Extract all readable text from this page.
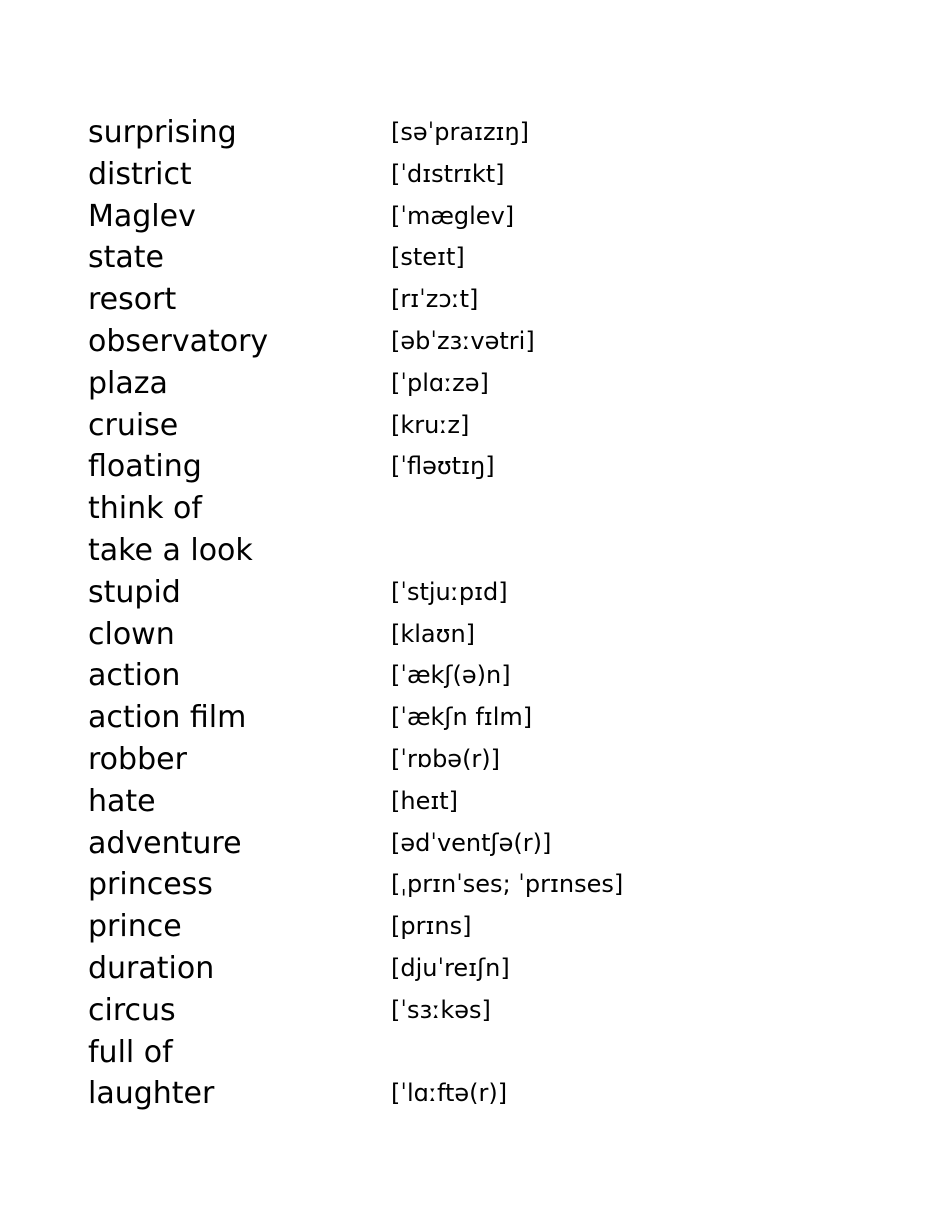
surprising	[səˈpraɪzɪŋ]
district	[ˈdɪstrɪkt]
Maglev	[ˈmæglev]
state	[steɪt]
resort	[rɪˈzɔːt]
observatory	[əbˈzɜːvətri]
plaza	[ˈplɑːzə]
cruise	[kruːz]
floating	[ˈfləʊtɪŋ]
think of
take a look
stupid	[ˈstjuːpɪd]
clown	[klaʊn]
action	[ˈækʃ(ə)n]
action film	[ˈækʃn fɪlm]
robber	[ˈrɒbə(r)]
hate	[heɪt]
adventure	[ədˈventʃə(r)]
princess	[ˌprɪnˈses; ˈprɪnses]
prince	[prɪns]
duration	[djuˈreɪʃn]
circus	[ˈsɜːkəs]
full of
laughter	[ˈlɑːftə(r)]
